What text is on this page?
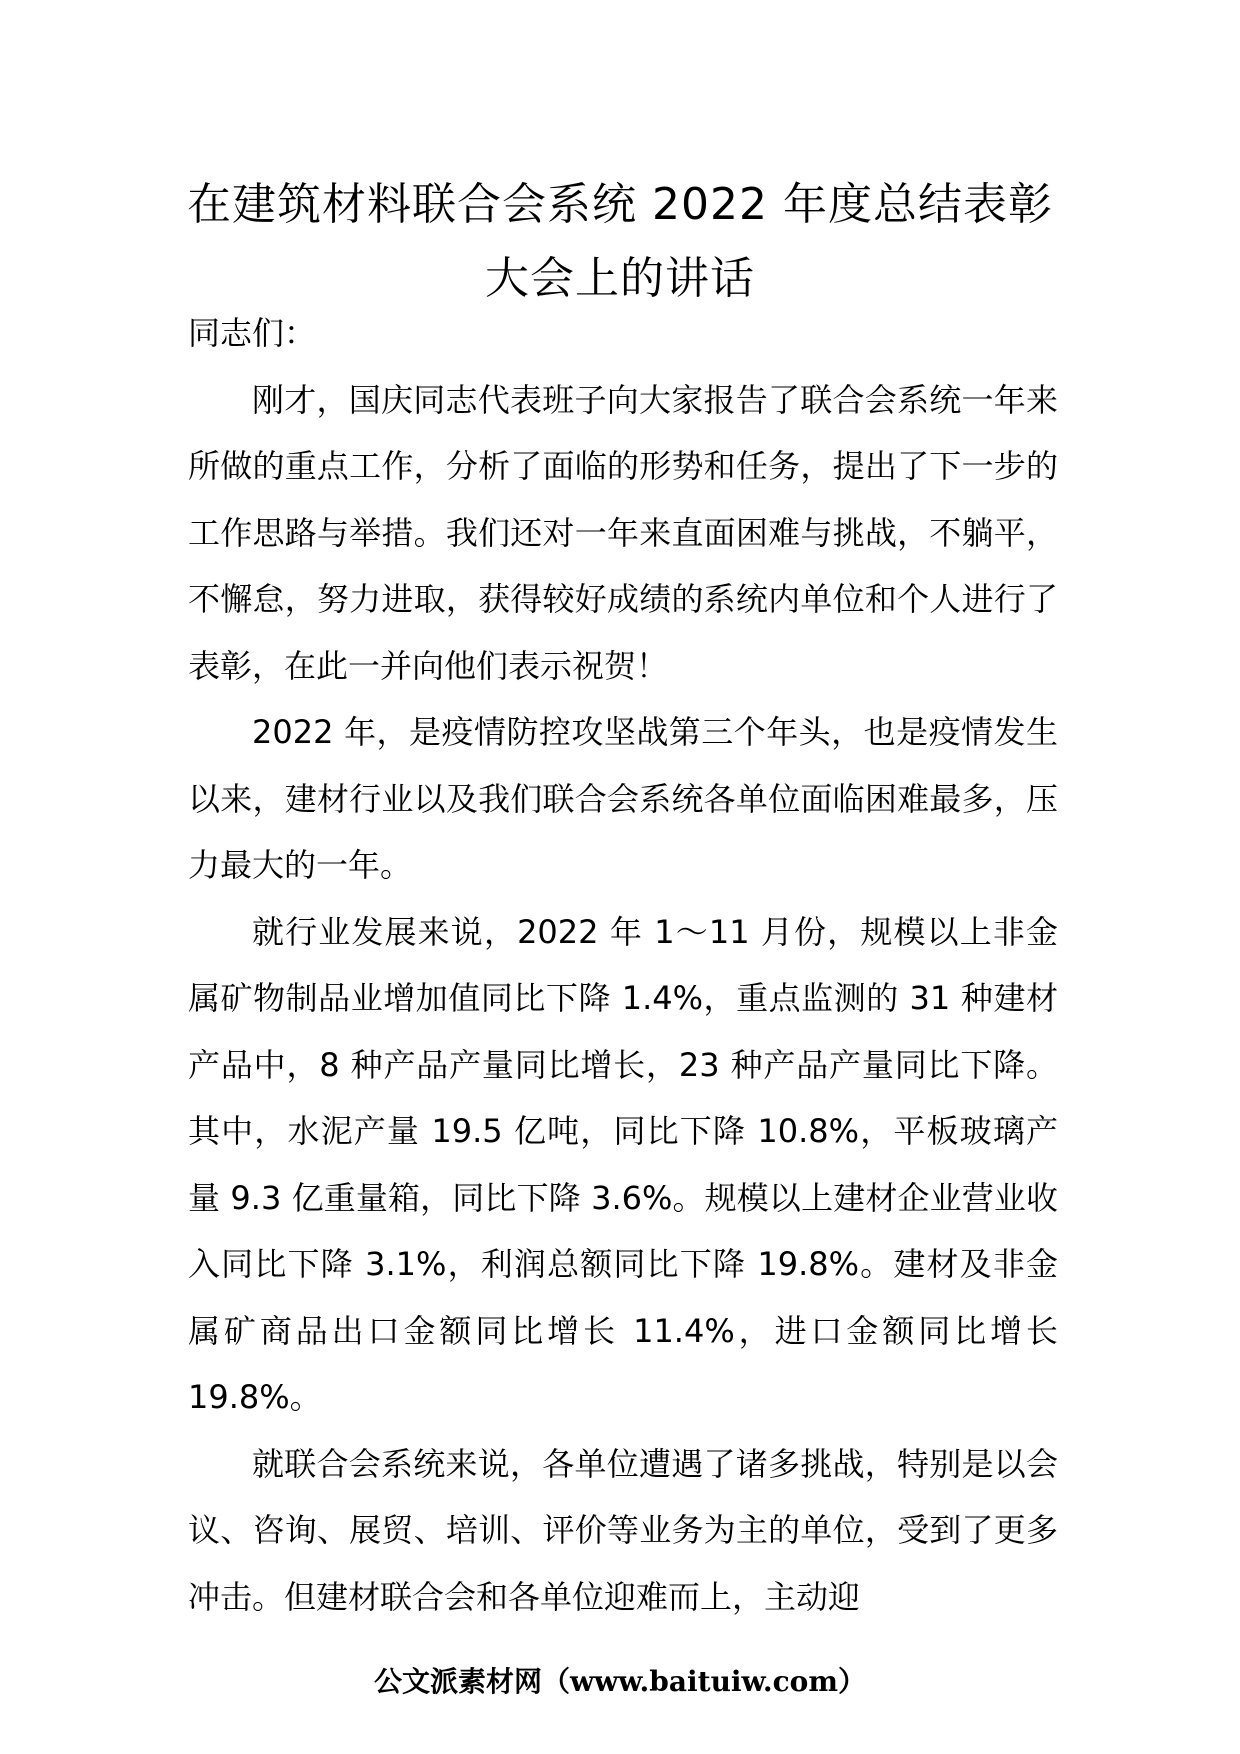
在建筑材料联合会系统 2022 年度总结表彰
大会上的讲话

同志们：

刚才，国庆同志代表班子向大家报告了联合会系统一年来所做的重点工作，分析了面临的形势和任务，提出了下一步的工作思路与举措。我们还对一年来直面困难与挑战，不躺平，不懈怠，努力进取，获得较好成绩的系统内单位和个人进行了表彰，在此一并向他们表示祝贺！

2022 年，是疫情防控攻坚战第三个年头，也是疫情发生以来，建材行业以及我们联合会系统各单位面临困难最多，压力最大的一年。

就行业发展来说，2022 年 1～11 月份，规模以上非金属矿物制品业增加值同比下降 1.4%，重点监测的 31 种建材产品中，8 种产品产量同比增长，23 种产品产量同比下降。其中，水泥产量 19.5 亿吨，同比下降 10.8%，平板玻璃产量 9.3 亿重量箱，同比下降 3.6%。规模以上建材企业营业收入同比下降 3.1%，利润总额同比下降 19.8%。建材及非金属矿商品出口金额同比增长 11.4%，进口金额同比增长 19.8%。

就联合会系统来说，各单位遭遇了诸多挑战，特别是以会议、咨询、展贸、培训、评价等业务为主的单位，受到了更多冲击。但建材联合会和各单位迎难而上，主动迎

公文派素材网（www.baituiw.com）
